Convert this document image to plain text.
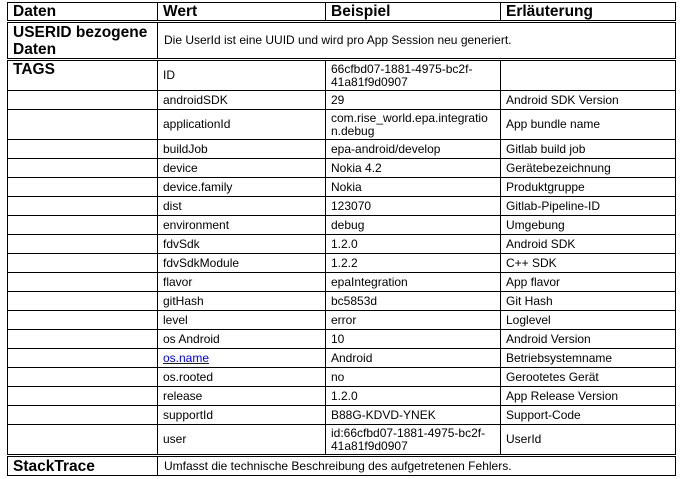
Daten	Wert	Beispiel	Erläuterung
USERID bezogene Daten	Die UserId ist eine UUID und wird pro App Session neu generiert.		
TAGS	ID	66cfbd07-1881-4975-bc2f-41a81f9d0907	
	androidSDK	29	Android SDK Version
	applicationId	com.rise_world.epa.integration.debug	App bundle name
	buildJob	epa-android/develop	Gitlab build job
	device	Nokia 4.2	Gerätebezeichnung
	device.family	Nokia	Produktgruppe
	dist	123070	Gitlab-Pipeline-ID
	environment	debug	Umgebung
	fdvSdk	1.2.0	Android SDK
	fdvSdkModule	1.2.2	C++ SDK
	flavor	epaIntegration	App flavor
	gitHash	bc5853d	Git Hash
	level	error	Loglevel
	os Android	10	Android Version
	os.name	Android	Betriebsystemname
	os.rooted	no	Gerootetes Gerät
	release	1.2.0	App Release Version
	supportId	B88G-KDVD-YNEK	Support-Code
	user	id:66cfbd07-1881-4975-bc2f-41a81f9d0907	UserId
StackTrace	Umfasst die technische Beschreibung des aufgetretenen Fehlers.		
